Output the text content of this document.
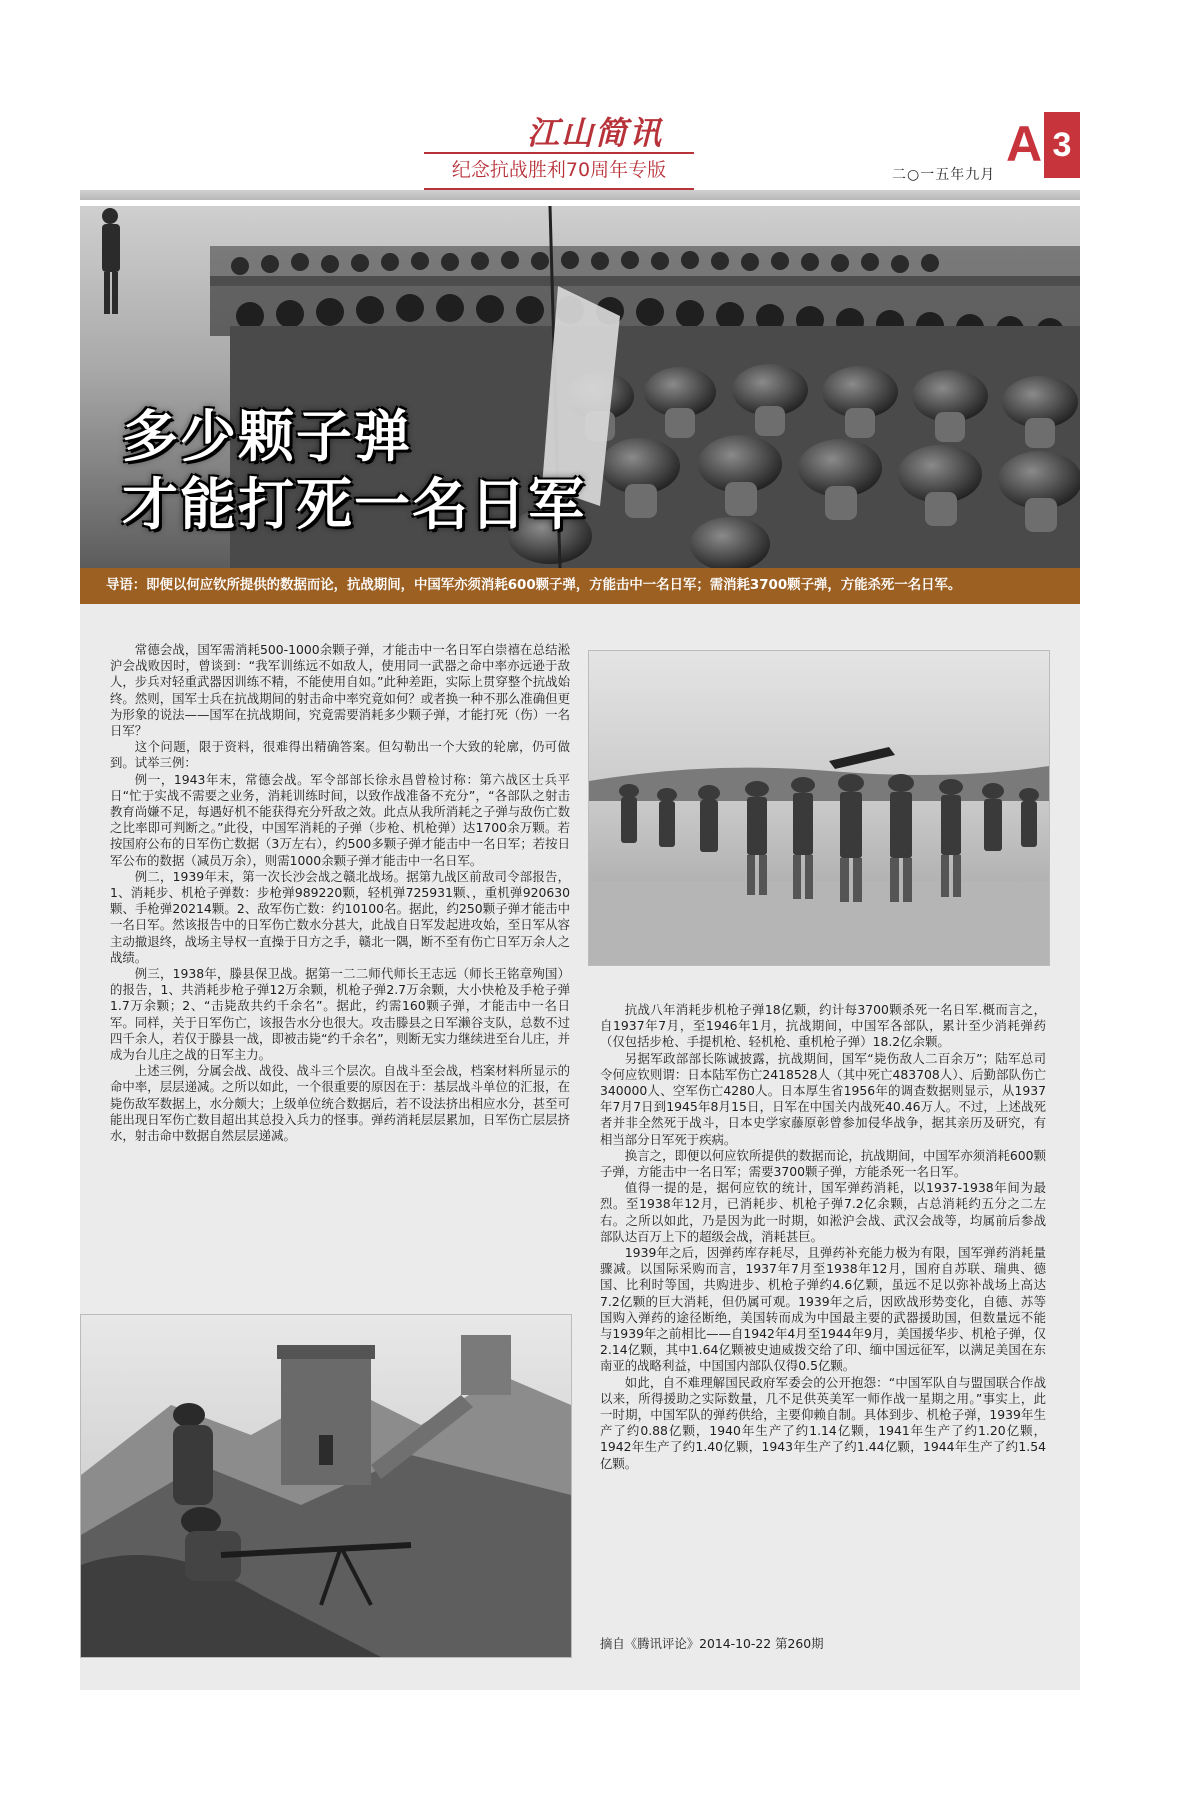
江山简讯
纪念抗战胜利70周年专版	二○一五年九月
A 3
多少颗子弹
才能打死一名日军
导语：即便以何应钦所提供的数据而论，抗战期间，中国军亦须消耗600颗子弹，方能击中一名日军；需消耗3700颗子弹，方能杀死一名日军。

常德会战，国军需消耗500-1000余颗子弹，才能击中一名日军白崇禧在总结淞沪会战败因时，曾谈到：“我军训练远不如敌人，使用同一武器之命中率亦远逊于敌人，步兵对轻重武器因训练不精，不能使用自如。”此种差距，实际上贯穿整个抗战始终。然则，国军士兵在抗战期间的射击命中率究竟如何？或者换一种不那么准确但更为形象的说法——国军在抗战期间，究竟需要消耗多少颗子弹，才能打死（伤）一名日军？

这个问题，限于资料，很难得出精确答案。但勾勒出一个大致的轮廓，仍可做到。试举三例：

例一，1943年末，常德会战。军令部部长徐永昌曾检讨称：第六战区士兵平日“忙于实战不需要之业务，消耗训练时间，以致作战准备不充分”，“各部队之射击教育尚嫌不足，每遇好机不能获得充分歼敌之效。此点从我所消耗之子弹与敌伤亡数之比率即可判断之。”此役，中国军消耗的子弹（步枪、机枪弹）达1700余万颗。若按国府公布的日军伤亡数据（3万左右），约500多颗子弹才能击中一名日军；若按日军公布的数据（减员万余），则需1000余颗子弹才能击中一名日军。

例二，1939年末，第一次长沙会战之赣北战场。据第九战区前敌司令部报告，1、消耗步、机枪子弹数：步枪弹989220颗，轻机弹725931颗、，重机弹920630颗、手枪弹20214颗。2、敌军伤亡数：约10100名。据此，约250颗子弹才能击中一名日军。然该报告中的日军伤亡数水分甚大，此战自日军发起进攻始，至日军从容主动撤退终，战场主导权一直操于日方之手，赣北一隅，断不至有伤亡日军万余人之战绩。

例三，1938年，滕县保卫战。据第一二二师代师长王志远（师长王铭章殉国）的报告，1、共消耗步枪子弹12万余颗，机枪子弹2.7万余颗，大小快枪及手枪子弹1.7万余颗；2、“击毙敌共约千余名”。据此，约需160颗子弹，才能击中一名日军。同样，关于日军伤亡，该报告水分也很大。攻击滕县之日军濑谷支队，总数不过四千余人，若仅于滕县一战，即被击毙“约千余名”，则断无实力继续进至台儿庄，并成为台儿庄之战的日军主力。

上述三例，分属会战、战役、战斗三个层次。自战斗至会战，档案材料所显示的命中率，层层递减。之所以如此，一个很重要的原因在于：基层战斗单位的汇报，在毙伤敌军数据上，水分颇大；上级单位统合数据后，若不设法挤出相应水分，甚至可能出现日军伤亡数目超出其总投入兵力的怪事。弹药消耗层层累加，日军伤亡层层挤水，射击命中数据自然层层递减。

抗战八年消耗步机枪子弹18亿颗，约计每3700颗杀死一名日军.概而言之，自1937年7月，至1946年1月，抗战期间，中国军各部队，累计至少消耗弹药（仅包括步枪、手提机枪、轻机枪、重机枪子弹）18.2亿余颗。

另据军政部部长陈诚披露，抗战期间，国军“毙伤敌人二百余万”；陆军总司令何应钦则谓：日本陆军伤亡2418528人（其中死亡483708人）、后勤部队伤亡340000人、空军伤亡4280人。日本厚生省1956年的调查数据则显示，从1937年7月7日到1945年8月15日，日军在中国关内战死40.46万人。不过，上述战死者并非全然死于战斗，日本史学家藤原彰曾参加侵华战争，据其亲历及研究，有相当部分日军死于疾病。

换言之，即便以何应钦所提供的数据而论，抗战期间，中国军亦须消耗600颗子弹，方能击中一名日军；需要3700颗子弹，方能杀死一名日军。

值得一提的是，据何应钦的统计，国军弹药消耗，以1937-1938年间为最烈。至1938年12月，已消耗步、机枪子弹7.2亿余颗，占总消耗约五分之二左右。之所以如此，乃是因为此一时期，如淞沪会战、武汉会战等，均属前后参战部队达百万上下的超级会战，消耗甚巨。

1939年之后，因弹药库存耗尽，且弹药补充能力极为有限，国军弹药消耗量骤减。以国际采购而言，1937年7月至1938年12月，国府自苏联、瑞典、德国、比利时等国，共购进步、机枪子弹约4.6亿颗，虽远不足以弥补战场上高达7.2亿颗的巨大消耗，但仍属可观。1939年之后，因欧战形势变化，自德、苏等国购入弹药的途径断绝，美国转而成为中国最主要的武器援助国，但数量远不能与1939年之前相比——自1942年4月至1944年9月，美国援华步、机枪子弹，仅2.14亿颗，其中1.64亿颗被史迪威拨交给了印、缅中国远征军，以满足美国在东南亚的战略利益，中国国内部队仅得0.5亿颗。

如此，自不难理解国民政府军委会的公开抱怨：“中国军队自与盟国联合作战以来，所得援助之实际数量，几不足供英美军一师作战一星期之用。”事实上，此一时期，中国军队的弹药供给，主要仰赖自制。具体到步、机枪子弹，1939年生产了约0.88亿颗，1940年生产了约1.14亿颗，1941年生产了约1.20亿颗，1942年生产了约1.40亿颗，1943年生产了约1.44亿颗，1944年生产了约1.54亿颗。

摘自《腾讯评论》2014-10-22 第260期
